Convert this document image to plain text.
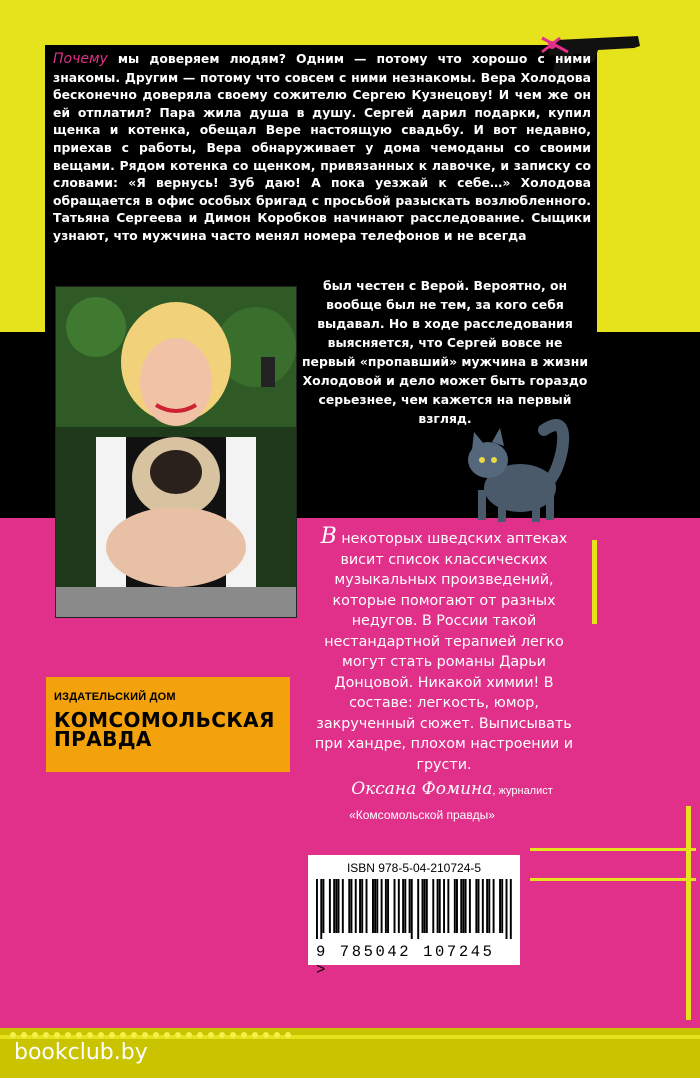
Почему мы доверяем людям? Одним — потому что хорошо с ними знакомы. Другим — потому что совсем с ними незнакомы. Вера Холодова бесконечно доверяла своему сожителю Сергею Кузнецову! И чем же он ей отплатил? Пара жила душа в душу. Сергей дарил подарки, купил щенка и котенка, обещал Вере настоящую свадьбу. И вот недавно, приехав с работы, Вера обнаруживает у дома чемоданы со своими вещами. Рядом котенка со щенком, привязанных к лавочке, и записку со словами: «Я вернусь! Зуб даю! А пока уезжай к себе…» Холодова обращается в офис особых бригад с просьбой разыскать возлюбленного. Татьяна Сергеева и Димон Коробков начинают расследование. Сыщики узнают, что мужчина часто менял номера телефонов и не всегда

был честен с Верой. Вероятно, он вообще был не тем, за кого себя выдавал. Но в ходе расследования выясняется, что Сергей вовсе не первый «пропавший» мужчина в жизни Холодовой и дело может быть гораздо серьезнее, чем кажется на первый взгляд.

ИЗДАТЕЛЬСКИЙ ДОМ

КОМСОМОЛЬСКАЯ
ПРАВДА

В некоторых шведских аптеках висит список классических музыкальных произведений, которые помогают от разных недугов. В России такой нестандартной терапией легко могут стать романы Дарьи Донцовой. Никакой химии! В составе: легкость, юмор, закрученный сюжет. Выписывать при хандре, плохом настроении и грусти.

Оксана Фомина, журналист
«Комсомольской правды»
ISBN 978-5-04-210724-5
9 785042 107245 >
bookclub.by
